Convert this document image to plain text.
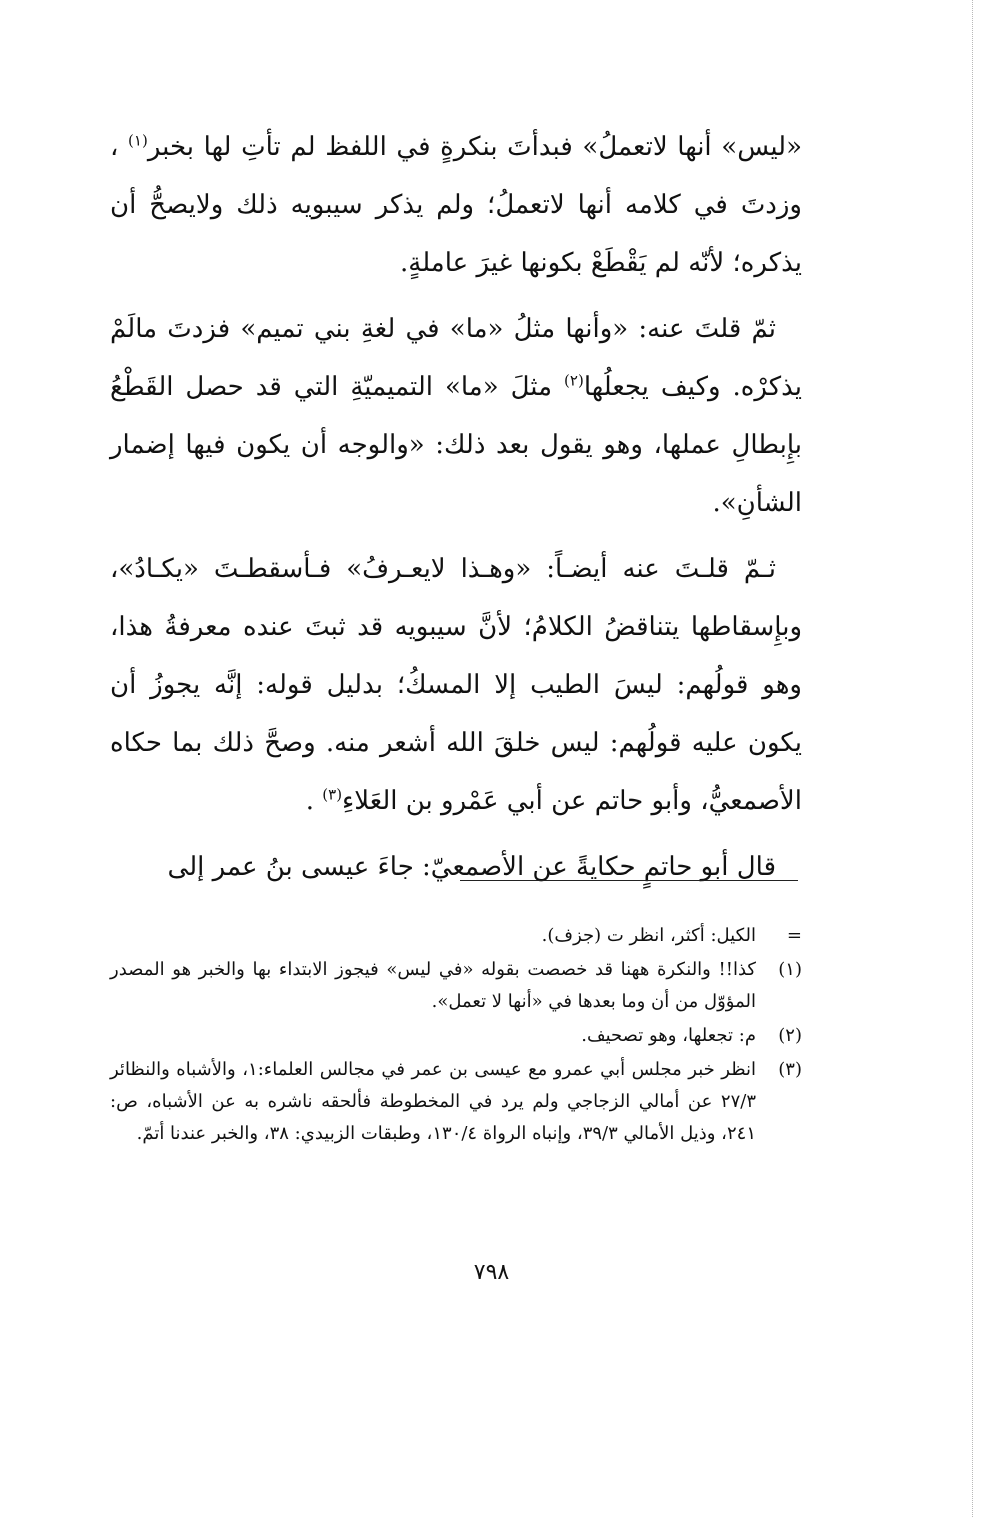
«ليس» أنها لاتعملُ» فبدأتَ بنكرةٍ في اللفظ لم تأتِ لها بخبر$^{(١)}$ ، وزدتَ في كلامه أنها لاتعملُ؛ ولم يذكر سيبويه ذلك ولايصحُّ أن يذكره؛ لأنّه لم يَقْطَعْ بكونها غيرَ عاملةٍ.

ثمّ قلتَ عنه: «وأنها مثلُ «ما» في لغةِ بني تميم» فزدتَ مالَمْ يذكرْه. وكيف يجعلُها$^{(٢)}$ مثلَ «ما» التميميّةِ التي قد حصل القَطْعُ بإِبطالِ عملها، وهو يقول بعد ذلك: «والوجه أن يكون فيها إضمار الشأنِ».

ثـمّ قلـتَ عنه أيضـاً: «وهـذا لايعـرفُ» فـأسقطـتَ «يكـادُ»، وبإِسقاطها يتناقضُ الكلامُ؛ لأنَّ سيبويه قد ثبتَ عنده معرفةُ هذا، وهو قولُهم: ليسَ الطيب إلا المسكُ؛ بدليل قوله: إنَّه يجوزُ أن يكون عليه قولُهم: ليس خلقَ الله أشعر منه. وصحَّ ذلك بما حكاه الأصمعيُّ، وأبو حاتم عن أبي عَمْرو بن العَلاءِ$^{(٣)}$ .

قال أبو حاتمٍ حكايةً عن الأصمعيّ: جاءَ عيسى بنُ عمر إلى

=
الكيل: أكثر، انظر ت (جزف).
(١)
كذا!! والنكرة ههنا قد خصصت بقوله «في ليس» فيجوز الابتداء بها والخبر هو المصدر المؤوّل من أن وما بعدها في «أنها لا تعمل».
(٢)
م: تجعلها، وهو تصحيف.
(٣)
انظر خبر مجلس أبي عمرو مع عيسى بن عمر في مجالس العلماء:١، والأشباه والنظائر ٢٧/٣ عن أمالي الزجاجي ولم يرد في المخطوطة فألحقه ناشره به عن الأشباه، ص: ٢٤١، وذيل الأمالي ٣٩/٣، وإنباه الرواة ١٣٠/٤، وطبقات الزبيدي: ٣٨، والخبر عندنا أتمّ.
٧٩٨
